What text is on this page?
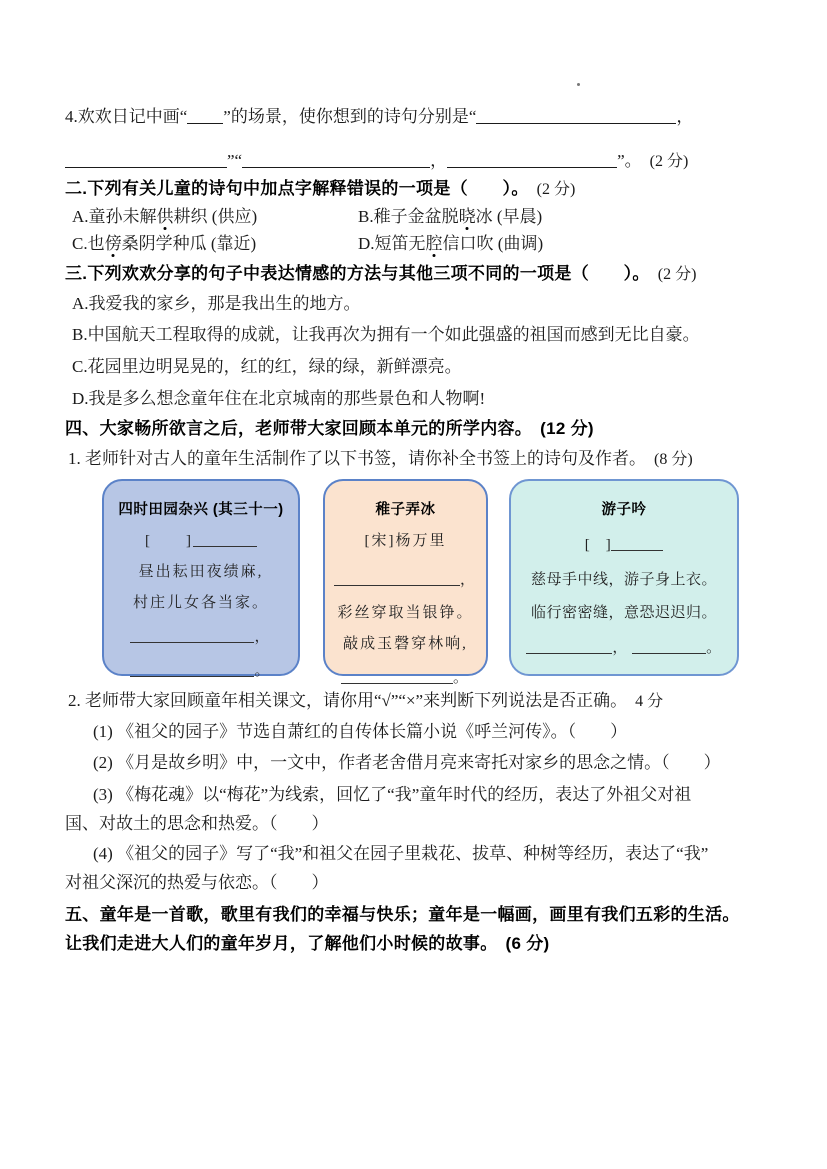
4.欢欢日记中画“ ”的场景，使你想到的诗句分别是“	，
”“	，	”。 (2 分)
二.下列有关儿童的诗句中加点字解释错误的一项是（　　）。 (2 分)
A.童孙未解供耕织 (供应)	B.稚子金盆脱晓冰 (早晨)
C.也傍桑阴学种瓜 (靠近)	D.短笛无腔信口吹 (曲调)
三.下列欢欢分享的句子中表达情感的方法与其他三项不同的一项是（　　）。 (2 分)
A.我爱我的家乡，那是我出生的地方。
B.中国航天工程取得的成就，让我再次为拥有一个如此强盛的祖国而感到无比自豪。
C.花园里边明晃晃的，红的红，绿的绿，新鲜漂亮。
D.我是多么想念童年住在北京城南的那些景色和人物啊!
四、大家畅所欲言之后，老师带大家回顾本单元的所学内容。 (12 分)
1. 老师针对古人的童年生活制作了以下书签，请你补全书签上的诗句及作者。 (8 分)
四时田园杂兴 (其三十一)
[　　]
昼出耘田夜绩麻,
村庄儿女各当家。
，
。
稚子弄冰
[宋]杨万里
，
彩丝穿取当银铮。
敲成玉磬穿林响,
。
游子吟
[　]
慈母手中线，游子身上衣。
临行密密缝，意恐迟迟归。
，	。
2. 老师带大家回顾童年相关课文，请你用“√”“×”来判断下列说法是否正确。 4 分
(1) 《祖父的园子》节选自萧红的自传体长篇小说《呼兰河传》。（　　）
(2) 《月是故乡明》中，一文中，作者老舍借月亮来寄托对家乡的思念之情。（　　）
(3) 《梅花魂》以“梅花”为线索，回忆了“我”童年时代的经历，表达了外祖父对祖
国、对故土的思念和热爱。（　　）
(4) 《祖父的园子》写了“我”和祖父在园子里栽花、拔草、种树等经历，表达了“我”
对祖父深沉的热爱与依恋。（　　）
五、童年是一首歌，歌里有我们的幸福与快乐；童年是一幅画，画里有我们五彩的生活。
让我们走进大人们的童年岁月，了解他们小时候的故事。 (6 分)
